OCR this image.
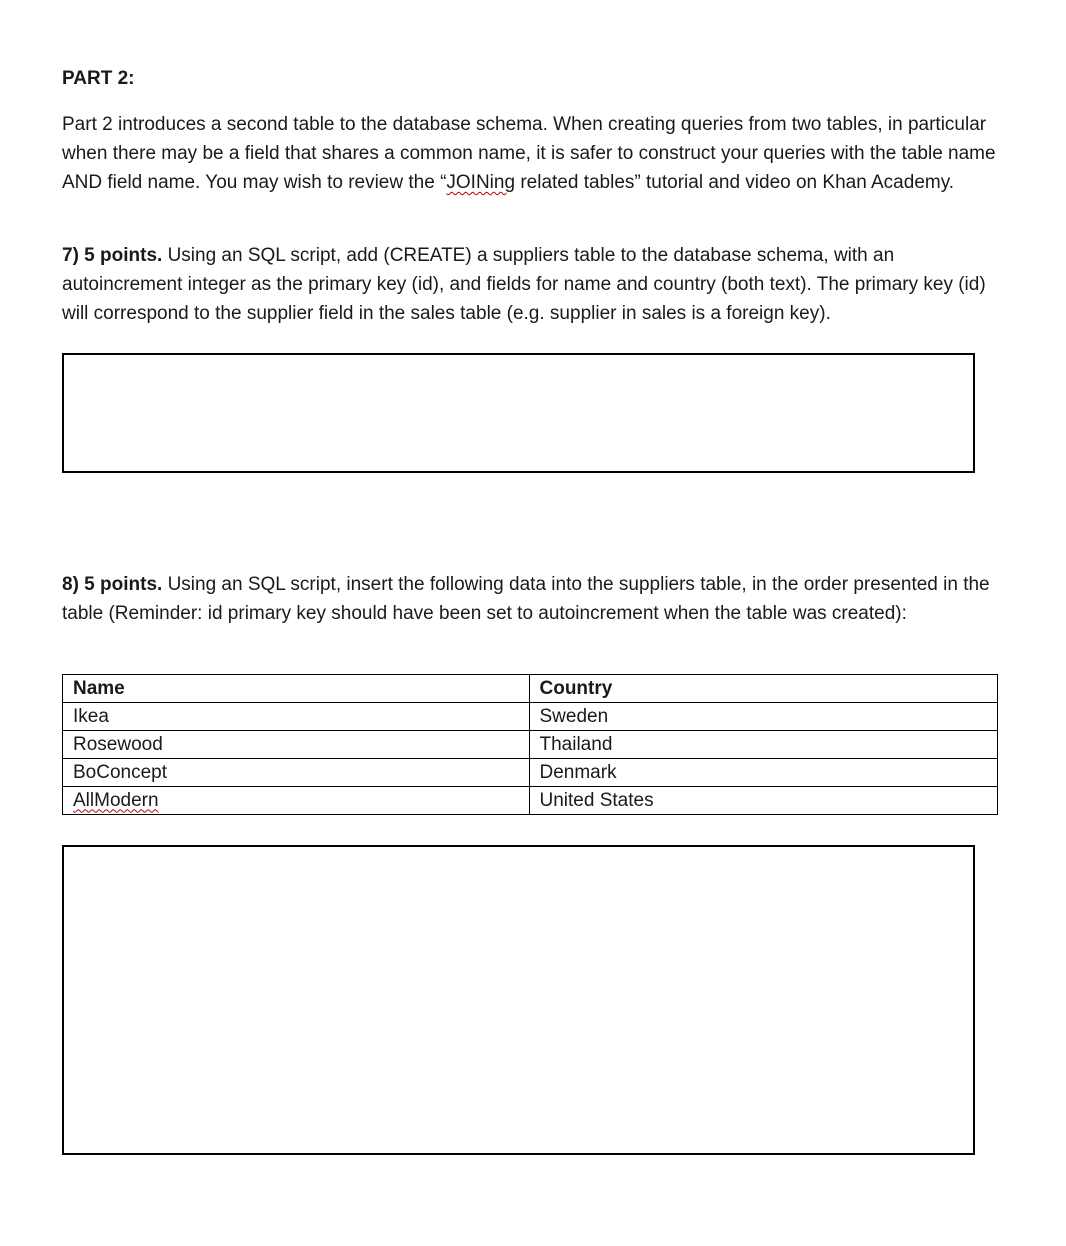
PART 2:

Part 2 introduces a second table to the database schema. When creating queries from two tables, in particular when there may be a field that shares a common name, it is safer to construct your queries with the table name AND field name. You may wish to review the “JOINing related tables” tutorial and video on Khan Academy.

7) 5 points. Using an SQL script, add (CREATE) a suppliers table to the database schema, with an autoincrement integer as the primary key (id), and fields for name and country (both text). The primary key (id) will correspond to the supplier field in the sales table (e.g. supplier in sales is a foreign key).

8) 5 points. Using an SQL script, insert the following data into the suppliers table, in the order presented in the table (Reminder: id primary key should have been set to autoincrement when the table was created):

Name	Country
Ikea	Sweden
Rosewood	Thailand
BoConcept	Denmark
AllModern	United States
